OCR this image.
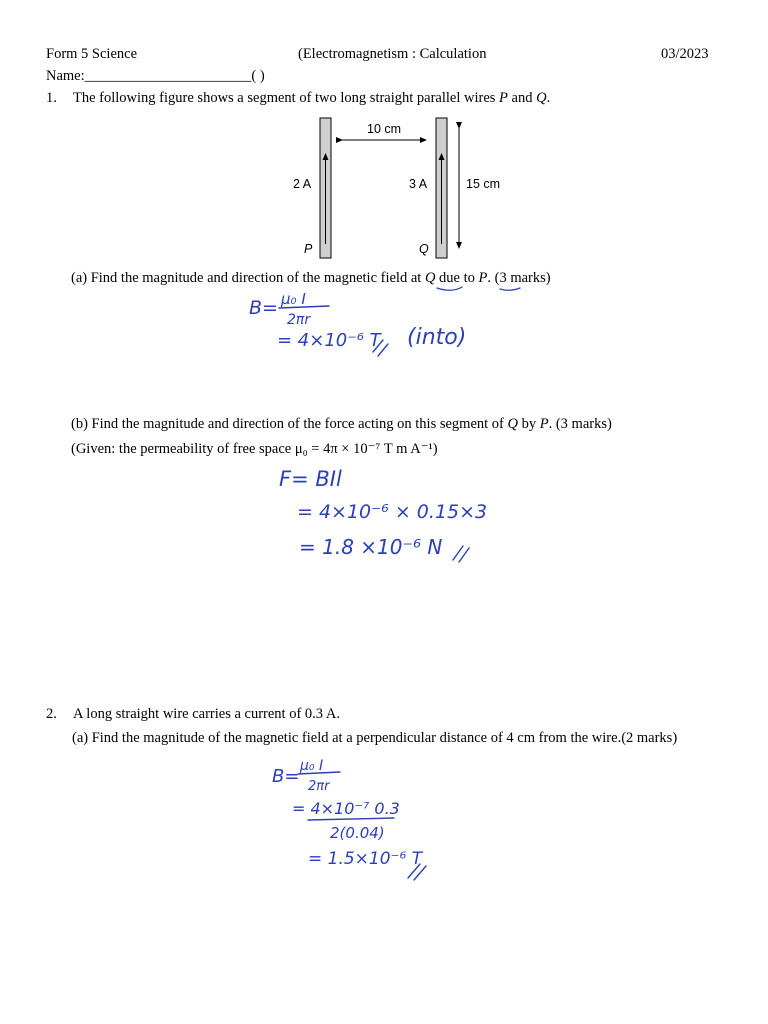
Form 5 Science	(Electromagnetism : Calculation	03/2023
Name:_______________________( )
1. The following figure shows a segment of two long straight parallel wires P and Q.
10 cm
2 A	3 A	15 cm
P	Q
(a) Find the magnitude and direction of the magnetic field at Q due to P. (3 marks)
B= μ₀ I
2πr
= 4×10⁻⁶ T (into)
(b) Find the magnitude and direction of the force acting on this segment of Q by P. (3 marks)
(Given: the permeability of free space μ₀ = 4π × 10⁻⁷ T m A⁻¹)
F= BIl
= 4×10⁻⁶ × 0.15×3
= 1.8 ×10⁻⁶ N
2. A long straight wire carries a current of 0.3 A.
(a) Find the magnitude of the magnetic field at a perpendicular distance of 4 cm from the wire.(2 marks)
B= μ₀ I
2πr
= 4×10⁻⁷ 0.3
2(0.04)
= 1.5×10⁻⁶ T
